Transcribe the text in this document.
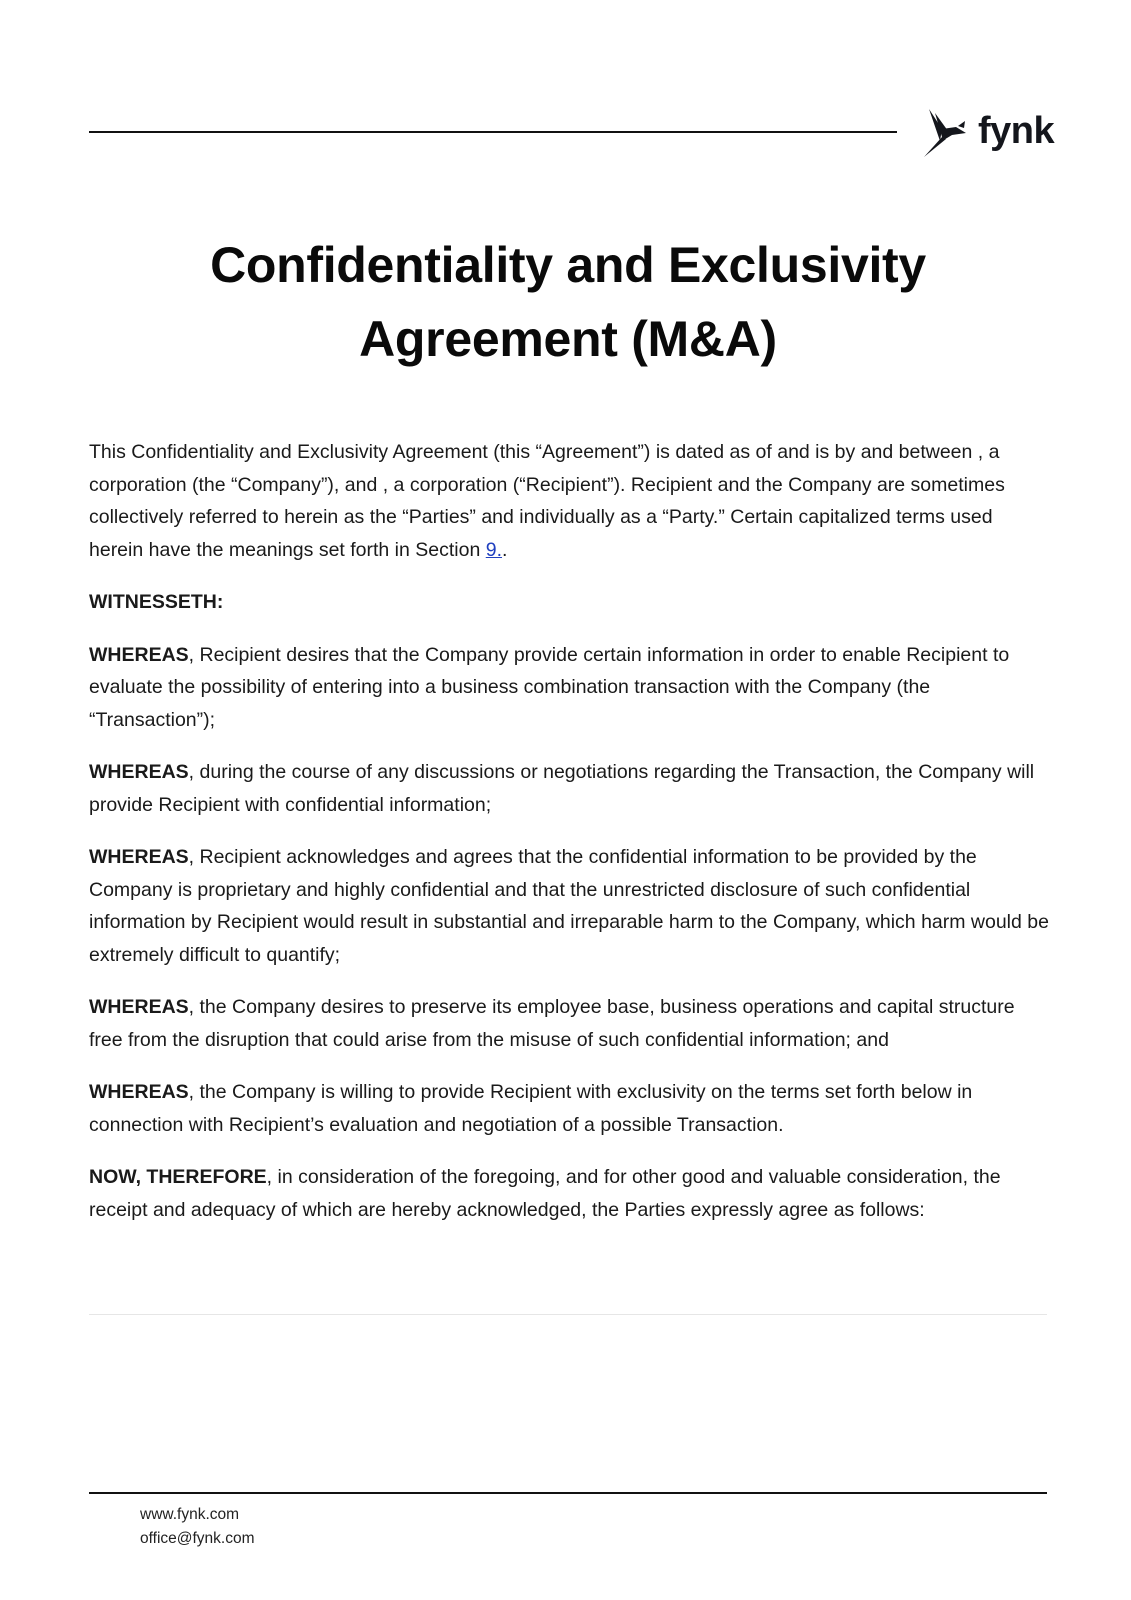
fynk
Confidentiality and Exclusivity
Agreement (M&A)

This Confidentiality and Exclusivity Agreement (this “Agreement”) is dated as of and is by and between , a corporation (the “Company”), and , a corporation (“Recipient”). Recipient and the Company are sometimes collectively referred to herein as the “Parties” and individually as a “Party.” Certain capitalized terms used herein have the meanings set forth in Section 9..

WITNESSETH:

WHEREAS, Recipient desires that the Company provide certain information in order to enable Recipient to evaluate the possibility of entering into a business combination transaction with the Company (the “Transaction”);

WHEREAS, during the course of any discussions or negotiations regarding the Transaction, the Company will provide Recipient with confidential information;

WHEREAS, Recipient acknowledges and agrees that the confidential information to be provided by the Company is proprietary and highly confidential and that the unrestricted disclosure of such confidential information by Recipient would result in substantial and irreparable harm to the Company, which harm would be extremely difficult to quantify;

WHEREAS, the Company desires to preserve its employee base, business operations and capital structure free from the disruption that could arise from the misuse of such confidential information; and

WHEREAS, the Company is willing to provide Recipient with exclusivity on the terms set forth below in connection with Recipient’s evaluation and negotiation of a possible Transaction.

NOW, THEREFORE, in consideration of the foregoing, and for other good and valuable consideration, the receipt and adequacy of which are hereby acknowledged, the Parties expressly agree as follows:

www.fynk.com
office@fynk.com
